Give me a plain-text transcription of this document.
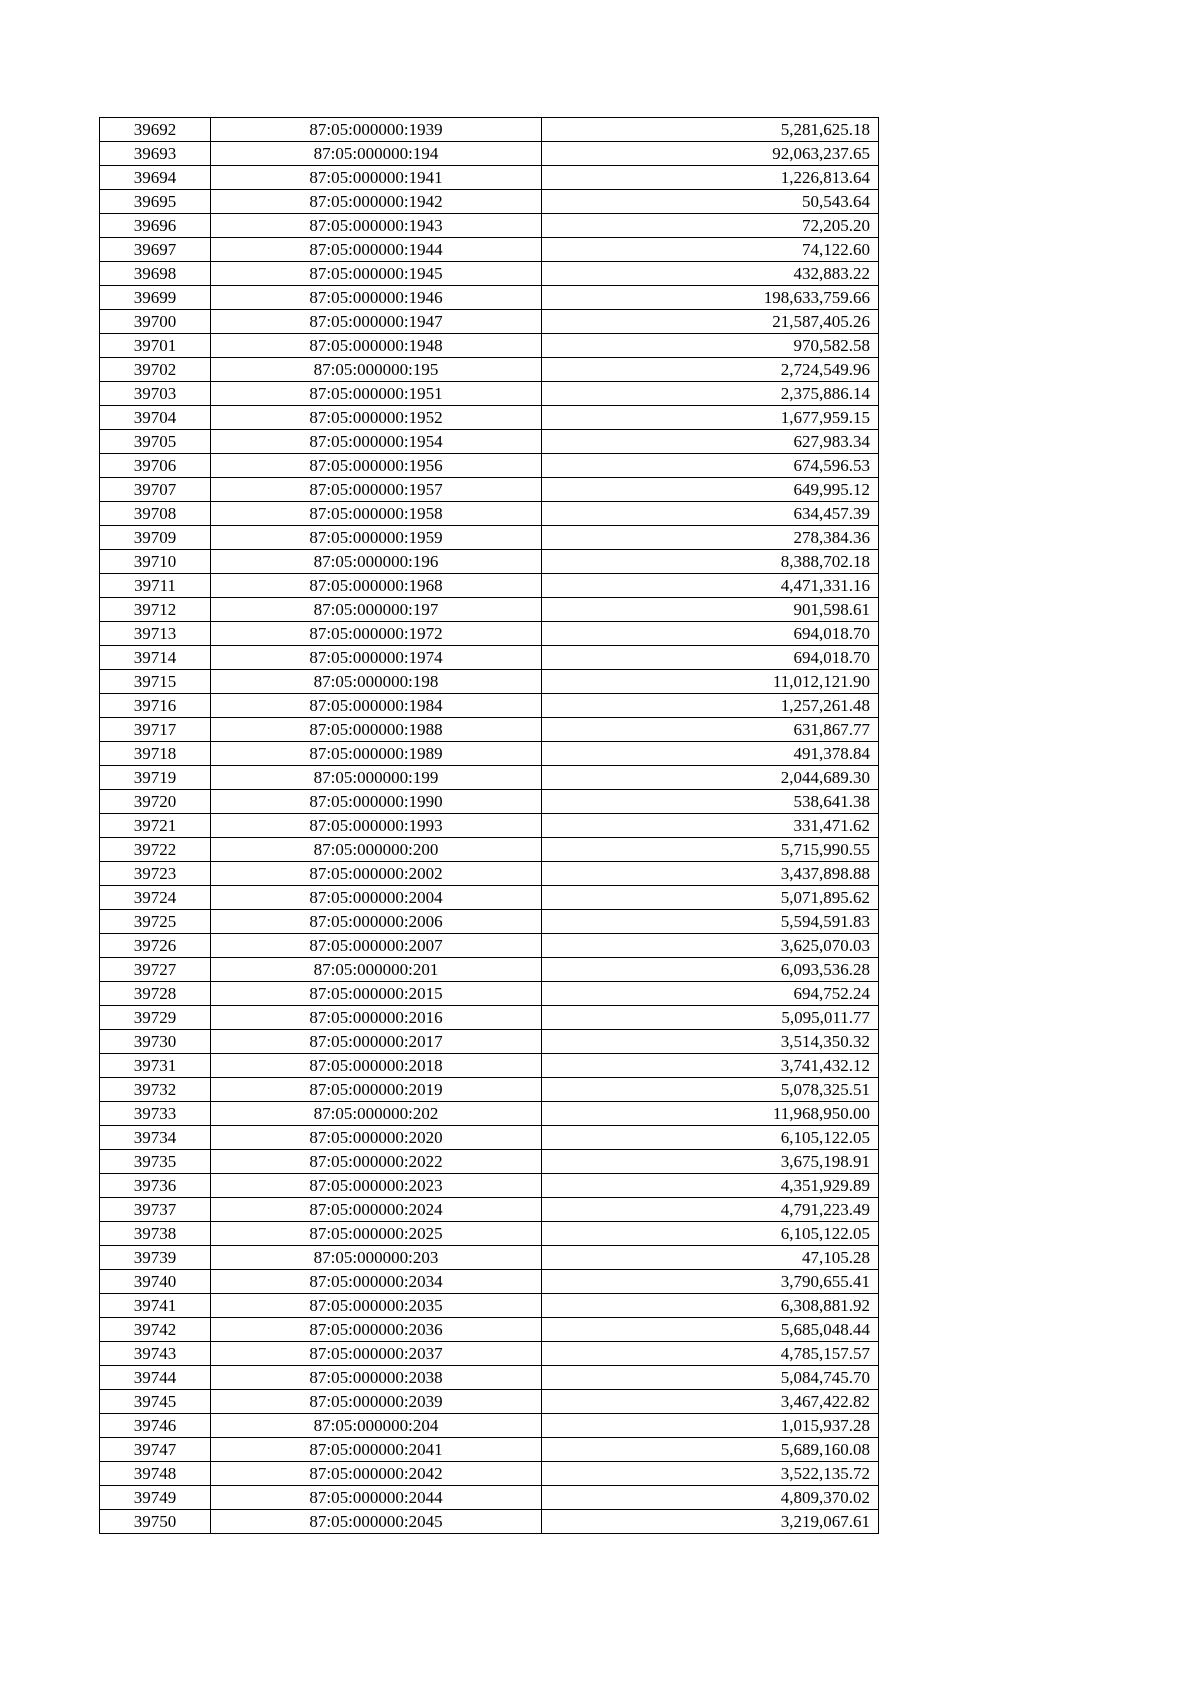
39692	87:05:000000:1939	5,281,625.18
39693	87:05:000000:194	92,063,237.65
39694	87:05:000000:1941	1,226,813.64
39695	87:05:000000:1942	50,543.64
39696	87:05:000000:1943	72,205.20
39697	87:05:000000:1944	74,122.60
39698	87:05:000000:1945	432,883.22
39699	87:05:000000:1946	198,633,759.66
39700	87:05:000000:1947	21,587,405.26
39701	87:05:000000:1948	970,582.58
39702	87:05:000000:195	2,724,549.96
39703	87:05:000000:1951	2,375,886.14
39704	87:05:000000:1952	1,677,959.15
39705	87:05:000000:1954	627,983.34
39706	87:05:000000:1956	674,596.53
39707	87:05:000000:1957	649,995.12
39708	87:05:000000:1958	634,457.39
39709	87:05:000000:1959	278,384.36
39710	87:05:000000:196	8,388,702.18
39711	87:05:000000:1968	4,471,331.16
39712	87:05:000000:197	901,598.61
39713	87:05:000000:1972	694,018.70
39714	87:05:000000:1974	694,018.70
39715	87:05:000000:198	11,012,121.90
39716	87:05:000000:1984	1,257,261.48
39717	87:05:000000:1988	631,867.77
39718	87:05:000000:1989	491,378.84
39719	87:05:000000:199	2,044,689.30
39720	87:05:000000:1990	538,641.38
39721	87:05:000000:1993	331,471.62
39722	87:05:000000:200	5,715,990.55
39723	87:05:000000:2002	3,437,898.88
39724	87:05:000000:2004	5,071,895.62
39725	87:05:000000:2006	5,594,591.83
39726	87:05:000000:2007	3,625,070.03
39727	87:05:000000:201	6,093,536.28
39728	87:05:000000:2015	694,752.24
39729	87:05:000000:2016	5,095,011.77
39730	87:05:000000:2017	3,514,350.32
39731	87:05:000000:2018	3,741,432.12
39732	87:05:000000:2019	5,078,325.51
39733	87:05:000000:202	11,968,950.00
39734	87:05:000000:2020	6,105,122.05
39735	87:05:000000:2022	3,675,198.91
39736	87:05:000000:2023	4,351,929.89
39737	87:05:000000:2024	4,791,223.49
39738	87:05:000000:2025	6,105,122.05
39739	87:05:000000:203	47,105.28
39740	87:05:000000:2034	3,790,655.41
39741	87:05:000000:2035	6,308,881.92
39742	87:05:000000:2036	5,685,048.44
39743	87:05:000000:2037	4,785,157.57
39744	87:05:000000:2038	5,084,745.70
39745	87:05:000000:2039	3,467,422.82
39746	87:05:000000:204	1,015,937.28
39747	87:05:000000:2041	5,689,160.08
39748	87:05:000000:2042	3,522,135.72
39749	87:05:000000:2044	4,809,370.02
39750	87:05:000000:2045	3,219,067.61
